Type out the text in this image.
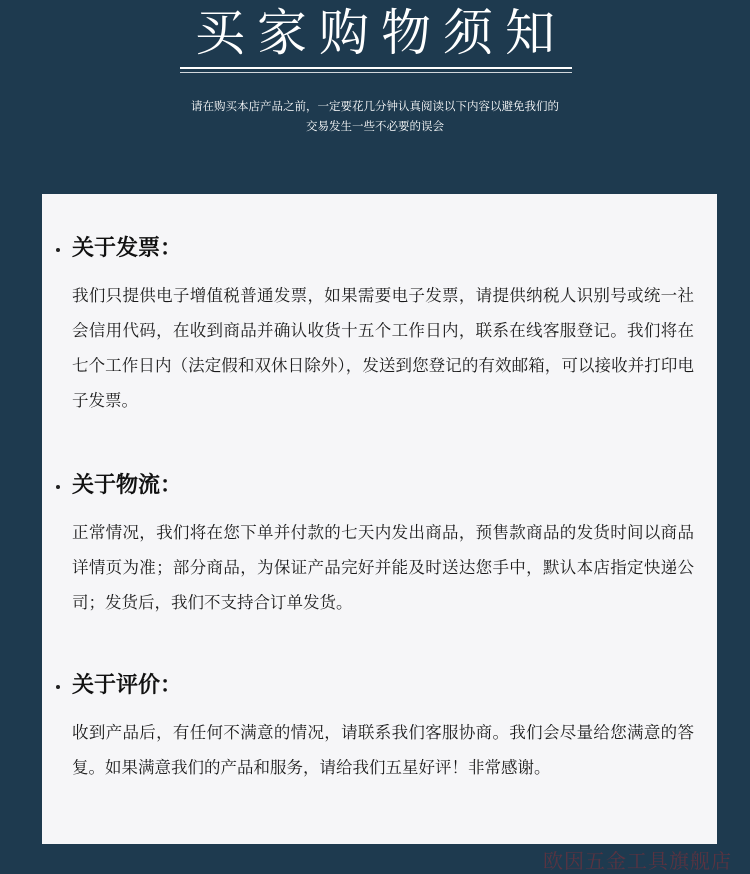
买家购物须知
请在购买本店产品之前，一定要花几分钟认真阅读以下内容以避免我们的
交易发生一些不必要的误会
关于发票：
我们只提供电子增值税普通发票，如果需要电子发票，请提供纳税人识别号或统一社会信用代码，在收到商品并确认收货十五个工作日内，联系在线客服登记。我们将在七个工作日内（法定假和双休日除外），发送到您登记的有效邮箱，可以接收并打印电子发票。
关于物流：
正常情况，我们将在您下单并付款的七天内发出商品，预售款商品的发货时间以商品详情页为准；部分商品，为保证产品完好并能及时送达您手中，默认本店指定快递公司；发货后，我们不支持合订单发货。
关于评价：
收到产品后，有任何不满意的情况，请联系我们客服协商。我们会尽量给您满意的答复。如果满意我们的产品和服务，请给我们五星好评！非常感谢。
欧因五金工具旗舰店
